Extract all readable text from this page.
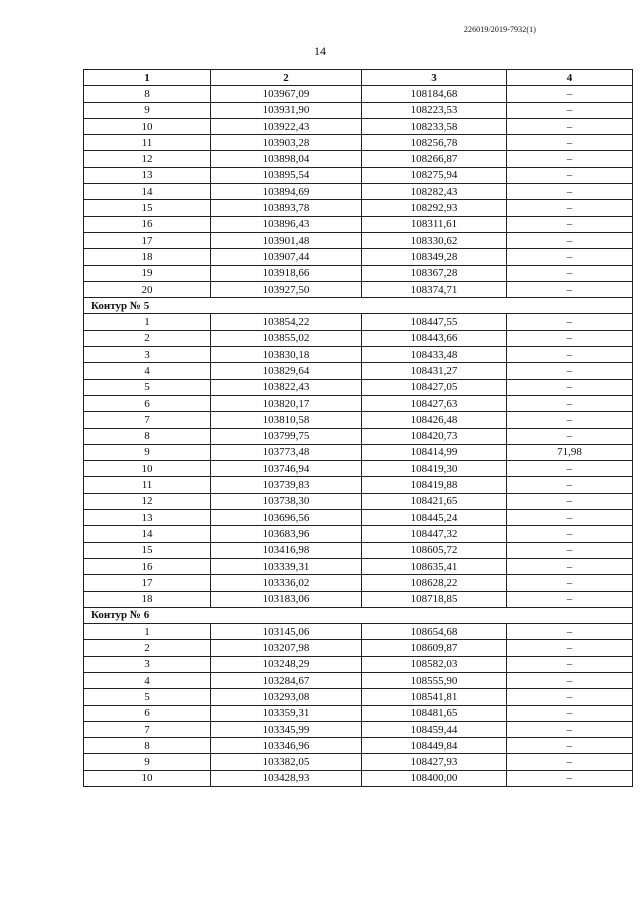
226019/2019-7932(1)
14
1	2	3	4
8	103967,09	108184,68	–
9	103931,90	108223,53	–
10	103922,43	108233,58	–
11	103903,28	108256,78	–
12	103898,04	108266,87	–
13	103895,54	108275,94	–
14	103894,69	108282,43	–
15	103893,78	108292,93	–
16	103896,43	108311,61	–
17	103901,48	108330,62	–
18	103907,44	108349,28	–
19	103918,66	108367,28	–
20	103927,50	108374,71	–
Контур № 5			
1	103854,22	108447,55	–
2	103855,02	108443,66	–
3	103830,18	108433,48	–
4	103829,64	108431,27	–
5	103822,43	108427,05	–
6	103820,17	108427,63	–
7	103810,58	108426,48	–
8	103799,75	108420,73	–
9	103773,48	108414,99	71,98
10	103746,94	108419,30	–
11	103739,83	108419,88	–
12	103738,30	108421,65	–
13	103696,56	108445,24	–
14	103683,96	108447,32	–
15	103416,98	108605,72	–
16	103339,31	108635,41	–
17	103336,02	108628,22	–
18	103183,06	108718,85	–
Контур № 6			
1	103145,06	108654,68	–
2	103207,98	108609,87	–
3	103248,29	108582,03	–
4	103284,67	108555,90	–
5	103293,08	108541,81	–
6	103359,31	108481,65	–
7	103345,99	108459,44	–
8	103346,96	108449,84	–
9	103382,05	108427,93	–
10	103428,93	108400,00	–
